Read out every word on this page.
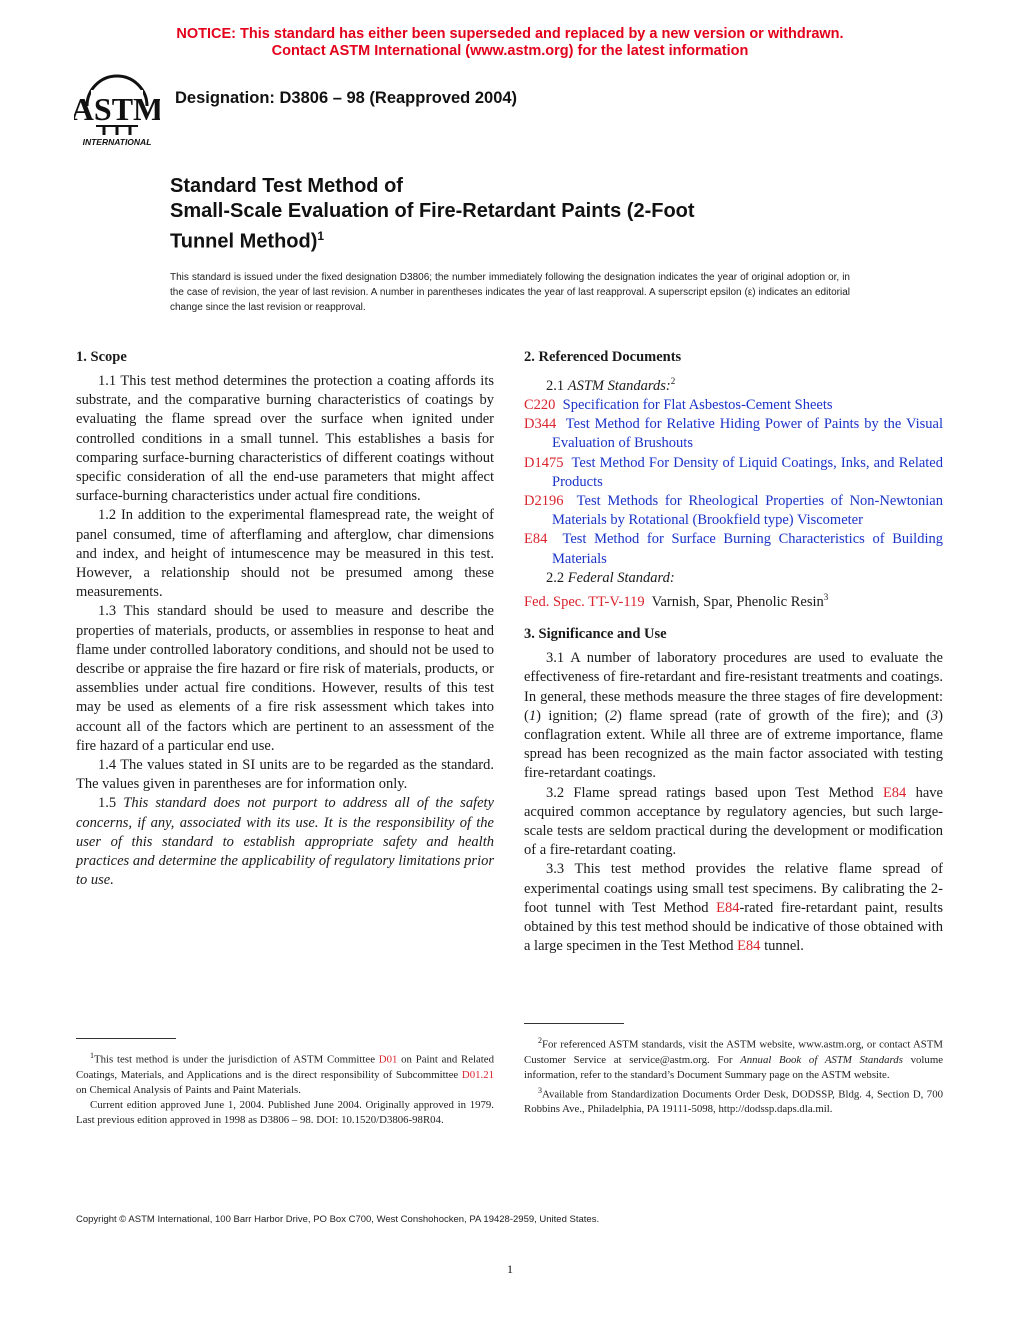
NOTICE: This standard has either been superseded and replaced by a new version or withdrawn.
Contact ASTM International (www.astm.org) for the latest information
ASTM
INTERNATIONAL
Designation: D3806 – 98 (Reapproved 2004)
Standard Test Method of
Small-Scale Evaluation of Fire-Retardant Paints (2-Foot
Tunnel Method)$^1$
This standard is issued under the fixed designation D3806; the number immediately following the designation indicates the year of original adoption or, in the case of revision, the year of last revision. A number in parentheses indicates the year of last reapproval. A superscript epsilon (ε) indicates an editorial change since the last revision or reapproval.
1. Scope

1.1 This test method determines the protection a coating affords its substrate, and the comparative burning characteristics of coatings by evaluating the flame spread over the surface when ignited under controlled conditions in a small tunnel. This establishes a basis for comparing surface-burning characteristics of different coatings without specific consideration of all the end-use parameters that might affect surface-burning characteristics under actual fire conditions.

1.2 In addition to the experimental flamespread rate, the weight of panel consumed, time of afterflaming and afterglow, char dimensions and index, and height of intumescence may be measured in this test. However, a relationship should not be presumed among these measurements.

1.3 This standard should be used to measure and describe the properties of materials, products, or assemblies in response to heat and flame under controlled laboratory conditions, and should not be used to describe or appraise the fire hazard or fire risk of materials, products, or assemblies under actual fire conditions. However, results of this test may be used as elements of a fire risk assessment which takes into account all of the factors which are pertinent to an assessment of the fire hazard of a particular end use.

1.4 The values stated in SI units are to be regarded as the standard. The values given in parentheses are for information only.

1.5 This standard does not purport to address all of the safety concerns, if any, associated with its use. It is the responsibility of the user of this standard to establish appropriate safety and health practices and determine the applicability of regulatory limitations prior to use.

2. Referenced Documents

2.1 ASTM Standards:$^2$

C220 Specification for Flat Asbestos-Cement Sheets
D344 Test Method for Relative Hiding Power of Paints by the Visual Evaluation of Brushouts
D1475 Test Method For Density of Liquid Coatings, Inks, and Related Products
D2196 Test Methods for Rheological Properties of Non-Newtonian Materials by Rotational (Brookfield type) Viscometer
E84 Test Method for Surface Burning Characteristics of Building Materials

2.2 Federal Standard:

Fed. Spec. TT-V-119 Varnish, Spar, Phenolic Resin$^3$
3. Significance and Use

3.1 A number of laboratory procedures are used to evaluate the effectiveness of fire-retardant and fire-resistant treatments and coatings. In general, these methods measure the three stages of fire development: (1) ignition; (2) flame spread (rate of growth of the fire); and (3) conflagration extent. While all three are of extreme importance, flame spread has been recognized as the main factor associated with testing fire-retardant coatings.

3.2 Flame spread ratings based upon Test Method E84 have acquired common acceptance by regulatory agencies, but such large-scale tests are seldom practical during the development or modification of a fire-retardant coating.

3.3 This test method provides the relative flame spread of experimental coatings using small test specimens. By calibrating the 2-foot tunnel with Test Method E84-rated fire-retardant paint, results obtained by this test method should be indicative of those obtained with a large specimen in the Test Method E84 tunnel.

$^1$This test method is under the jurisdiction of ASTM Committee D01 on Paint and Related Coatings, Materials, and Applications and is the direct responsibility of Subcommittee D01.21 on Chemical Analysis of Paints and Paint Materials.

Current edition approved June 1, 2004. Published June 2004. Originally approved in 1979. Last previous edition approved in 1998 as D3806 – 98. DOI: 10.1520/D3806-98R04.

$^2$For referenced ASTM standards, visit the ASTM website, www.astm.org, or contact ASTM Customer Service at service@astm.org. For Annual Book of ASTM Standards volume information, refer to the standard’s Document Summary page on the ASTM website.

$^3$Available from Standardization Documents Order Desk, DODSSP, Bldg. 4, Section D, 700 Robbins Ave., Philadelphia, PA 19111-5098, http://dodssp.daps.dla.mil.

Copyright © ASTM International, 100 Barr Harbor Drive, PO Box C700, West Conshohocken, PA 19428-2959, United States.
1
